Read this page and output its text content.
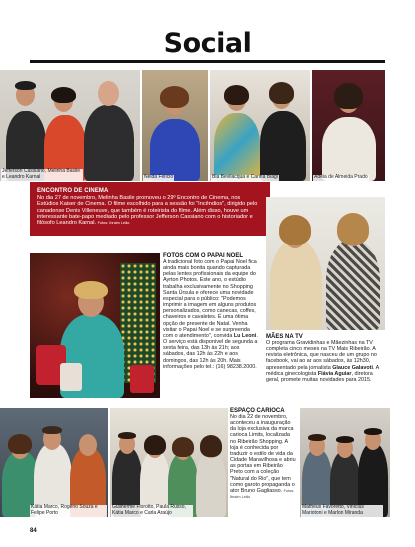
Social
Jefferson Cassiano, Melinha Basile e Leandro Karnal	Neida Felício	Bia Bevilacqua e Carina Biagi	Adeia de Almeida Prado
ENCONTRO DE CINEMA

No dia 27 de novembro, Melinha Basile promoveu o 29º Encontro de Cinema, nos Estúdios Kaiser de Cinema. O filme escolhido para a sessão foi "Incêndios", dirigido pelo canadense Denis Villeneuve, que também é roteirista do filme. Além disso, houve um interessante bate-papo mediado pelo professor Jefferson Cassiano com o historiador e filósofo Leandro Karnal. Fotos: Ibraim Leão

FOTOS COM O PAPAI NOEL
A tradicional foto com o Papai Noel fica ainda mais bonita quando capturada pelas lentes profissionais da equipe do Ayrton Photos. Este ano, o estúdio trabalha exclusivamente no Shopping Santa Úrsula e oferece uma novidade especial para o público: "Podemos imprimir a imagem em alguns produtos personalizados, como canecas, coffes, chaveiros e cavaletes. É uma ótima opção de presente de Natal. Venha visitar o Papai Noel e se surpreenda com o atendimento", convida Lu Leoni. O serviço está disponível de segunda a sexta feira, das 13h às 21h; aos sábados, das 12h às 22h e aos domingos, das 12h às 20h. Mais informações pelo tel.: (16) 98238.2000.
MÃES NA TV
O programa Gravidinhas e Mãezinhas na TV completa cinco meses na TV Mais Ribeirão. A revista eletrônica, que nasceu de um grupo no facebook, vai ao ar aos sábados, às 12h30, apresentado pela jornalista Glauce Galavoti. A médica ginecologista Flávia Aguiar, diretora geral, promete muitas novidades para 2015.
Kátia Marco, Rogério Souza e Felipe Porto
Guilherme Fiorotto, Paula Russo, Kátia Marco e Carla Araújo
ESPAÇO CARIOCA
No dia 22 de novembro, aconteceu a inauguração da loja exclusiva da marca carioca Limits, localizada no Ribeirão Shopping. A loja é conhecida por traduzir o estilo de vida da Cidade Maravilhosa e abriu as portas em Ribeirão Preto com a coleção "Natural do Rio", que tem como garoto propaganda o ator Bruno Gagliasso. Fotos: Ibraim Leão
Matheus Favoretto, Vinícius Mariotoni e Marlon Miranda
84
